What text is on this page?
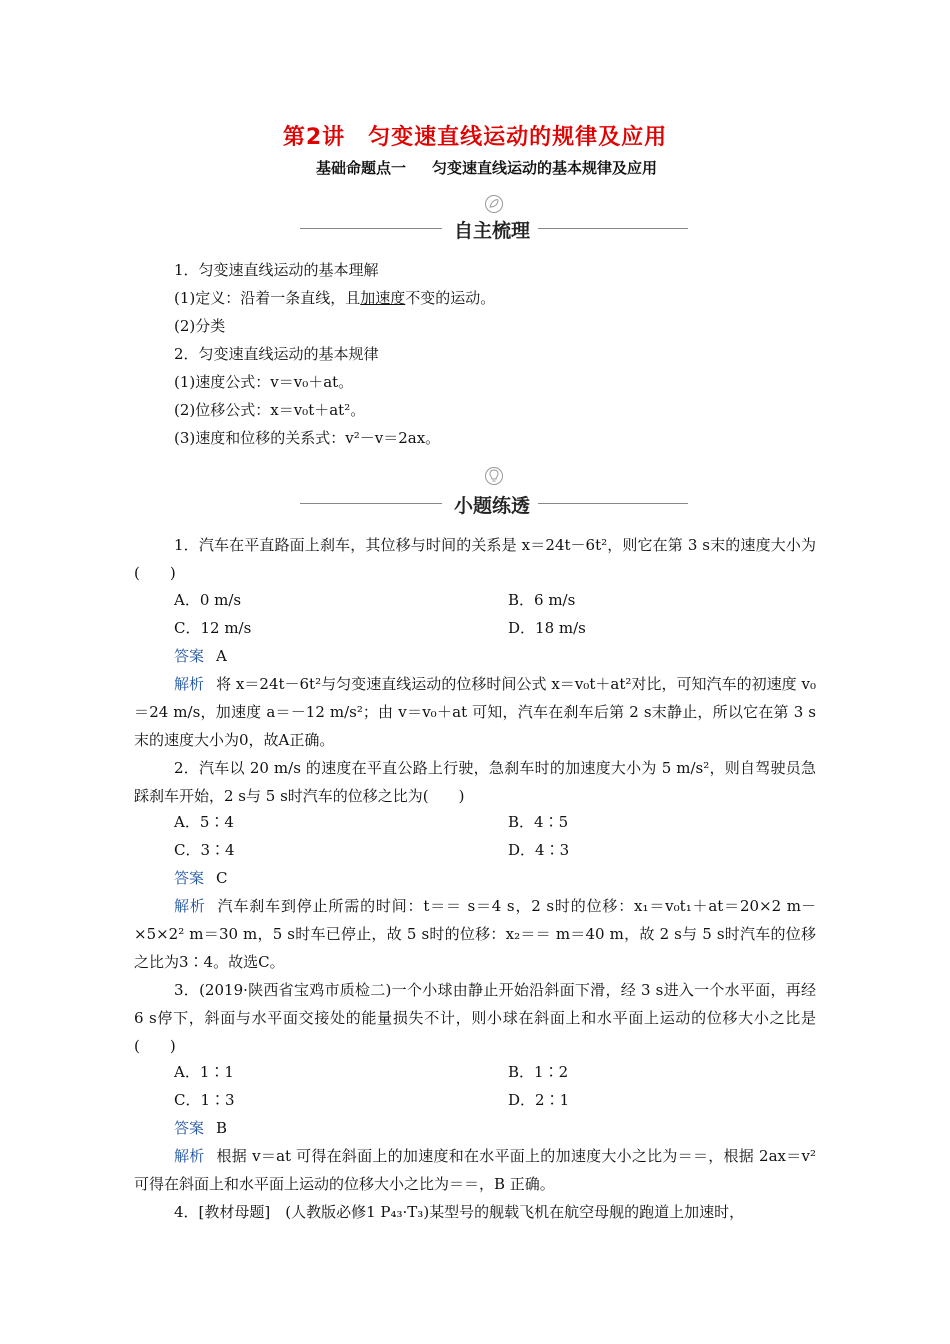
第2讲　匀变速直线运动的规律及应用
基础命题点一 匀变速直线运动的基本规律及应用
自主梳理
1．匀变速直线运动的基本理解
(1)定义：沿着一条直线，且加速度不变的运动。
(2)分类
2．匀变速直线运动的基本规律
(1)速度公式：v＝v₀＋at。
(2)位移公式：x＝v₀t＋at²。
(3)速度和位移的关系式：v²－v＝2ax。
小题练透
1．汽车在平直路面上刹车，其位移与时间的关系是 x＝24t－6t²，则它在第 3 s末的速度大小为(　　)
A．0 m/s	B．6 m/s
C．12 m/s	D．18 m/s
答案 A
解析 将 x＝24t－6t²与匀变速直线运动的位移时间公式 x＝v₀t＋at²对比，可知汽车的初速度 v₀＝24 m/s，加速度 a＝－12 m/s²；由 v＝v₀＋at 可知，汽车在刹车后第 2 s末静止，所以它在第 3 s末的速度大小为0，故A正确。
2．汽车以 20 m/s 的速度在平直公路上行驶，急刹车时的加速度大小为 5 m/s²，则自驾驶员急踩刹车开始，2 s与 5 s时汽车的位移之比为(　　)
A．5∶4	B．4∶5
C．3∶4	D．4∶3
答案 C
解析 汽车刹车到停止所需的时间：t＝＝ s＝4 s，2 s时的位移：x₁＝v₀t₁＋at＝20×2 m－×5×2² m＝30 m，5 s时车已停止，故 5 s时的位移：x₂＝＝ m＝40 m，故 2 s与 5 s时汽车的位移之比为3∶4。故选C。
3．(2019·陕西省宝鸡市质检二)一个小球由静止开始沿斜面下滑，经 3 s进入一个水平面，再经 6 s停下，斜面与水平面交接处的能量损失不计，则小球在斜面上和水平面上运动的位移大小之比是(　　)
A．1∶1	B．1∶2
C．1∶3	D．2∶1
答案 B
解析 根据 v＝at 可得在斜面上的加速度和在水平面上的加速度大小之比为＝＝，根据 2ax＝v²可得在斜面上和水平面上运动的位移大小之比为＝＝，B 正确。
4．[教材母题]　(人教版必修1 P₄₃·T₃)某型号的舰载飞机在航空母舰的跑道上加速时，
